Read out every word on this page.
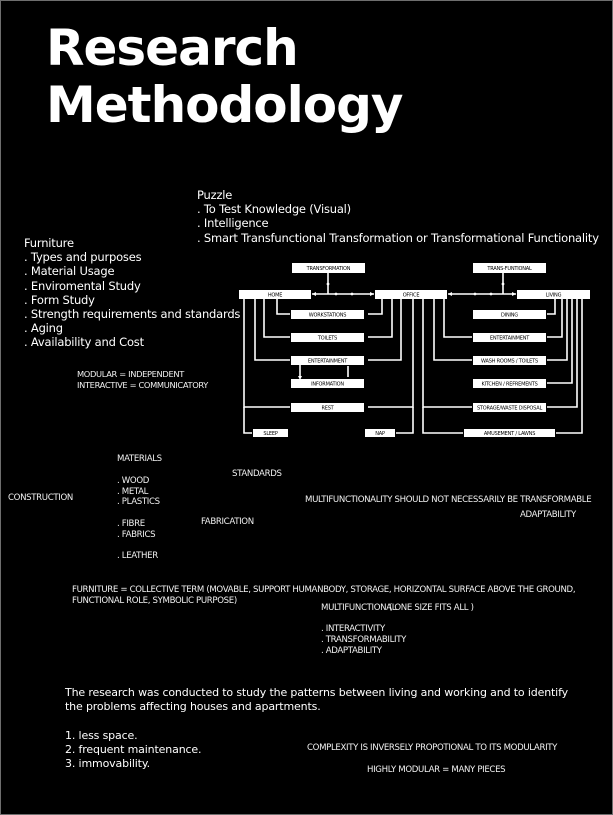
Research
Methodology
Puzzle
. To Test Knowledge (Visual)
. Intelligence
. Smart Transfunctional Transformation or Transformational Functionality
Furniture
. Types and purposes
. Material Usage
. Enviromental Study
. Form Study
. Strength requirements and standards
. Aging
. Availability and Cost
MODULAR = INDEPENDENT
INTERACTIVE = COMMUNICATORY
TRANSFORMATION
HOME	OFFICE
WORKSTATIONS
TOILETS
ENTERTAINMENT
INFORMATION
REST
SLEEP	NAP
TRANS-FUNTIONAL
LIVING
DINING
ENTERTAINMENT
WASH ROOMS / TOILETS
KITCHEN / REFREMENTS
STORAGE/WASTE DISPOSAL
AMUSEMENT / LAWNS
CONSTRUCTION
MATERIALS
. WOOD
. METAL
. PLASTICS
. FIBRE
. FABRICS
. LEATHER
STANDARDS
FABRICATION
MULTIFUNCTIONALITY SHOULD NOT NECESSARILY BE TRANSFORMABLE
ADAPTABILITY
FURNITURE = COLLECTIVE TERM (MOVABLE, SUPPORT HUMANBODY, STORAGE, HORIZONTAL SURFACE ABOVE THE GROUND,
FUNCTIONAL ROLE, SYMBOLIC PURPOSE)
MULTIFUNCTIONAL
( ONE SIZE FITS ALL )
. INTERACTIVITY
. TRANSFORMABILITY
. ADAPTABILITY
The research was conducted to study the patterns between living and working and to identify
the problems affecting houses and apartments.
1. less space.
2. frequent maintenance.
3. immovability.
COMPLEXITY IS INVERSELY PROPOTIONAL TO ITS MODULARITY
HIGHLY MODULAR = MANY PIECES
